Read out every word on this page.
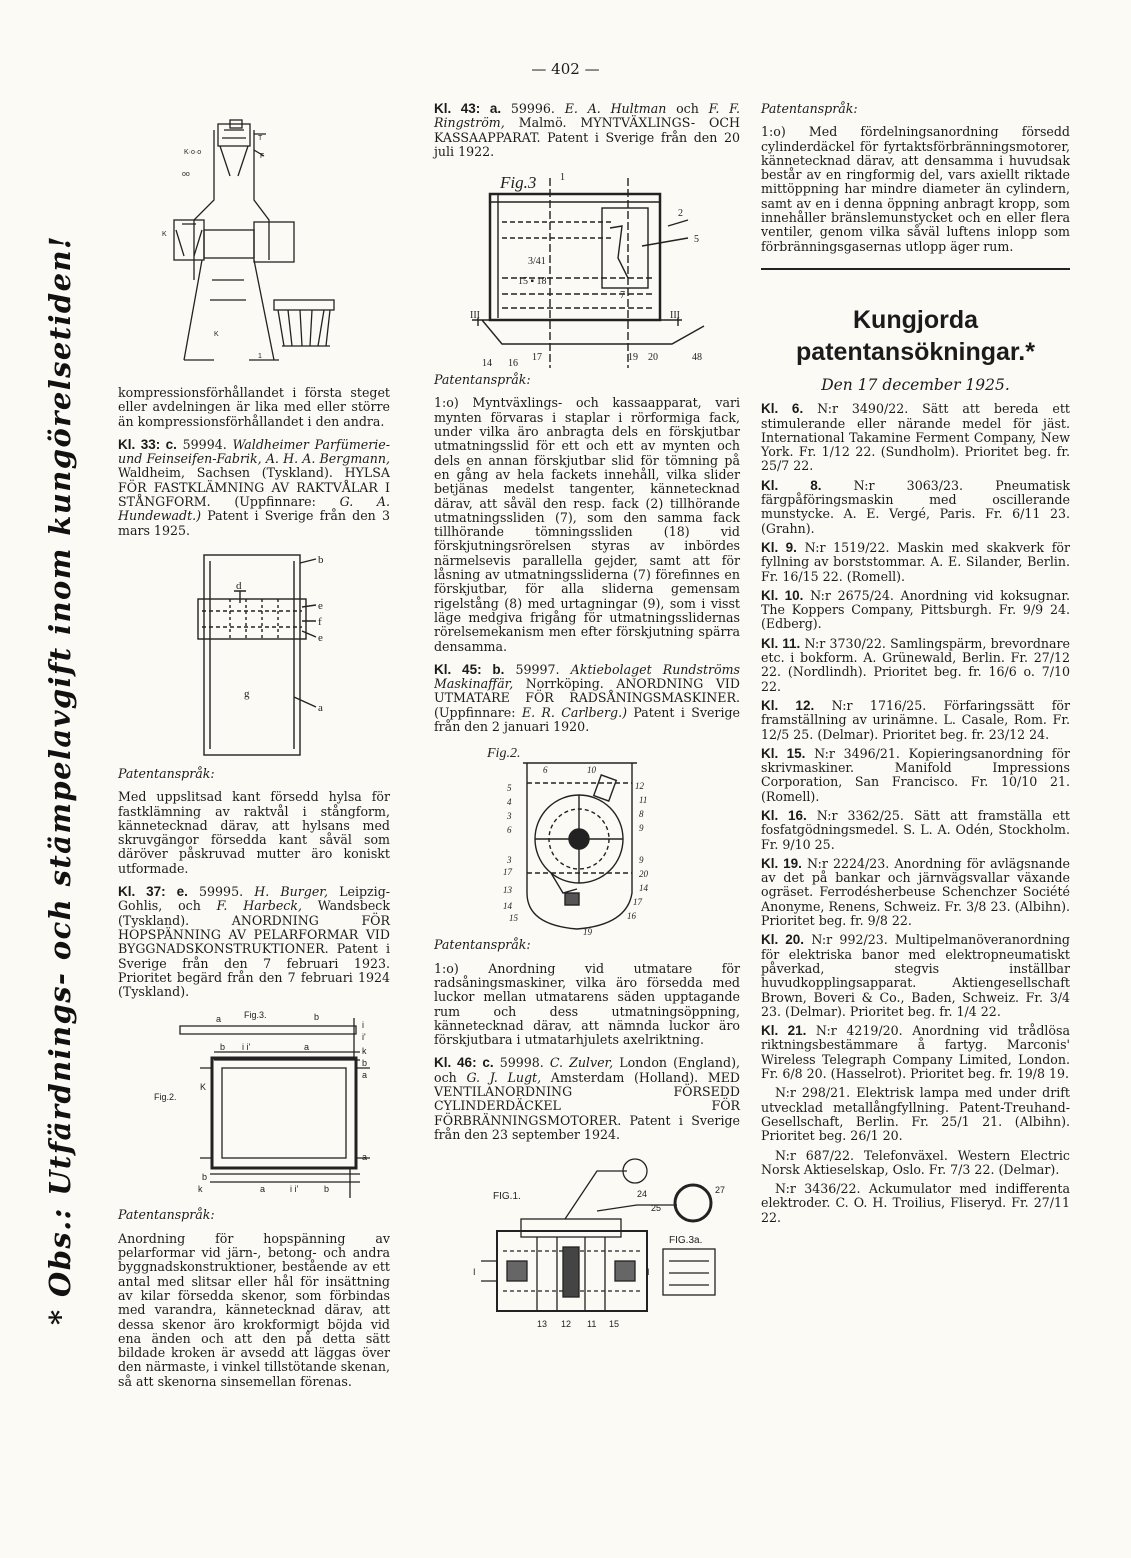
— 402 —
* Obs.: Utfärdnings- och stämpelavgift inom kungörelsetiden!
K·o·o
oo
T
F
K
K
1

kompressionsförhållandet i första steget eller avdelningen är lika med eller större än kompressionsförhållandet i den andra.

Kl. 33: c. 59994. Waldheimer Parfümerie- und Feinseifen-Fabrik, A. H. A. Bergmann, Waldheim, Sachsen (Tyskland). HYLSA FÖR FASTKLÄMNING AV RAKTVÅLAR I STÅNGFORM. (Uppfinnare: G. A. Hundewadt.) Patent i Sverige från den 3 mars 1925.

b
d
e
f
e
g
a

Patentanspråk:

Med uppslitsad kant försedd hylsa för fastklämning av raktvål i stångform, kännetecknad därav, att hylsans med skruvgängor försedda kant såväl som däröver påskruvad mutter äro koniskt utformade.

Kl. 37: e. 59995. H. Burger, Leipzig-Gohlis, och F. Harbeck, Wandsbeck (Tyskland). ANORDNING FÖR HOPSPÄNNING AV PELARFORMAR VID BYGGNADSKONSTRUKTIONER. Patent i Sverige från den 7 februari 1923. Prioritet begärd från den 7 februari 1924 (Tyskland).

Fig.3.
Fig.2.
a	b
i
i'
b i i'	a	k
b
a
K
a
b
k	a	i i'	b

Patentanspråk:

Anordning för hopspänning av pelarformar vid järn-, betong- och andra byggnadskonstruktioner, bestående av ett antal med slitsar eller hål för insättning av kilar försedda skenor, som förbindas med varandra, kännetecknad därav, att dessa skenor äro krokformigt böjda vid ena änden och att den på detta sätt bildade kroken är avsedd att läggas över den närmaste, i vinkel tillstötande skenan, så att skenorna sinsemellan förenas.

Kl. 43: a. 59996. E. A. Hultman och F. F. Ringström, Malmö. MYNTVÄXLINGS- OCH KASSAAPPARAT. Patent i Sverige från den 20 juli 1922.

Fig.3 1
2
5
3/41
15 ▪ 18
7
III	III
14 16
17	19 20	48

Patentanspråk:

1:o) Myntväxlings- och kassaapparat, vari mynten förvaras i staplar i rörformiga fack, under vilka äro anbragta dels en förskjutbar utmatningsslid för ett och ett av mynten och dels en annan förskjutbar slid för tömning på en gång av hela fackets innehåll, vilka slider betjänas medelst tangenter, kännetecknad därav, att såväl den resp. fack (2) tillhörande utmatningssliden (7), som den samma fack tillhörande tömningssliden (18) vid förskjutningsrörelsen styras av inbördes närmelsevis parallella gejder, samt att för låsning av utmatningssliderna (7) förefinnes en förskjutbar, för alla sliderna gemensam rigelstång (8) med urtagningar (9), som i visst läge medgiva frigång för utmatningsslidernas rörelsemekanism men efter förskjutning spärra densamma.

Kl. 45: b. 59997. Aktiebolaget Rundströms Maskinaffär, Norrköping. ANORDNING VID UTMATARE FÖR RADSÅNINGSMASKINER. (Uppfinnare: E. R. Carlberg.) Patent i Sverige från den 2 januari 1920.

Fig.2.
6	10
5
4
3
6
12
11
8
9
3
17
13
9
20
14
14
15
17
16
19

Patentanspråk:

1:o) Anordning vid utmatare för radsåningsmaskiner, vilka äro försedda med luckor mellan utmatarens säden upptagande rum och dess utmatningsöppning, kännetecknad därav, att nämnda luckor äro förskjutbara i utmatarhjulets axelriktning.

Kl. 46: c. 59998. C. Zulver, London (England), och G. J. Lugt, Amsterdam (Holland). MED VENTILANORDNING FÖRSEDD CYLINDERDÄCKEL FÖR FÖRBRÄNNINGSMOTORER. Patent i Sverige från den 23 september 1924.

FIG.1.
FIG.3a.
24
25
27
I	I
13 12 11 15

Patentanspråk:

1:o) Med fördelningsanordning försedd cylinderdäckel för fyrtaktsförbränningsmotorer, kännetecknad därav, att densamma i huvudsak består av en ringformig del, vars axiellt riktade mittöppning har mindre diameter än cylindern, samt av en i denna öppning anbragt kropp, som innehåller bränslemunstycket och en eller flera ventiler, genom vilka såväl luftens inlopp som förbränningsgasernas utlopp äger rum.

Kungjorda patentansökningar.*
Den 17 december 1925.

Kl. 6. N:r 3490/22. Sätt att bereda ett stimulerande eller närande medel för jäst. International Takamine Ferment Company, New York. Fr. 1/12 22. (Sundholm). Prioritet beg. fr. 25/7 22.

Kl. 8.	N:r 3063/23. Pneumatisk färgpåföringsmaskin med oscillerande munstycke. A. E. Vergé, Paris. Fr. 6/11 23. (Grahn).

Kl. 9. N:r 1519/22. Maskin med skakverk för fyllning av borststommar. A. E. Silander, Berlin. Fr. 16/15 22. (Romell).

Kl. 10. N:r 2675/24. Anordning vid koksugnar. The Koppers Company, Pittsburgh. Fr. 9/9 24. (Edberg).

Kl. 11. N:r 3730/22. Samlingspärm, brevordnare etc. i bokform. A. Grünewald, Berlin. Fr. 27/12 22. (Nordlindh). Prioritet beg. fr. 16/6 o. 7/10 22.

Kl. 12. N:r 1716/25. Förfaringssätt för framställning av urinämne. L. Casale, Rom. Fr. 12/5 25. (Delmar). Prioritet beg. fr. 23/12 24.

Kl. 15. N:r 3496/21. Kopieringsanordning för skrivmaskiner. Manifold Impressions Corporation, San Francisco. Fr. 10/10 21. (Romell).

Kl. 16. N:r 3362/25. Sätt att framställa ett fosfatgödningsmedel. S. L. A. Odén, Stockholm. Fr. 9/10 25.

Kl. 19. N:r 2224/23. Anordning för avlägsnande av det på bankar och järnvägsvallar växande ogräset. Ferrodésherbeuse Schenchzer Société Anonyme, Renens, Schweiz. Fr. 3/8 23. (Albihn). Prioritet beg. fr. 9/8 22.

Kl. 20. N:r 992/23. Multipelmanöveranordning för elektriska banor med elektropneumatiskt påverkad, stegvis inställbar huvudkopplingsapparat. Aktiengesellschaft Brown, Boveri & Co., Baden, Schweiz. Fr. 3/4 23. (Delmar). Prioritet beg. fr. 1/4 22.

Kl. 21. N:r 4219/20. Anordning vid trådlösa riktningsbestämmare å fartyg. Marconis' Wireless Telegraph Company Limited, London. Fr. 6/8 20. (Hasselrot). Prioritet beg. fr. 19/8 19.

N:r 298/21. Elektrisk lampa med under drift utvecklad metallångfyllning. Patent-Treuhand-Gesellschaft, Berlin. Fr. 25/1 21. (Albihn). Prioritet beg. 26/1 20.

N:r 687/22. Telefonväxel. Western Electric Norsk Aktieselskap, Oslo. Fr. 7/3 22. (Delmar).

N:r 3436/22. Ackumulator med indifferenta elektroder. C. O. H. Troilius, Fliseryd. Fr. 27/11 22.
